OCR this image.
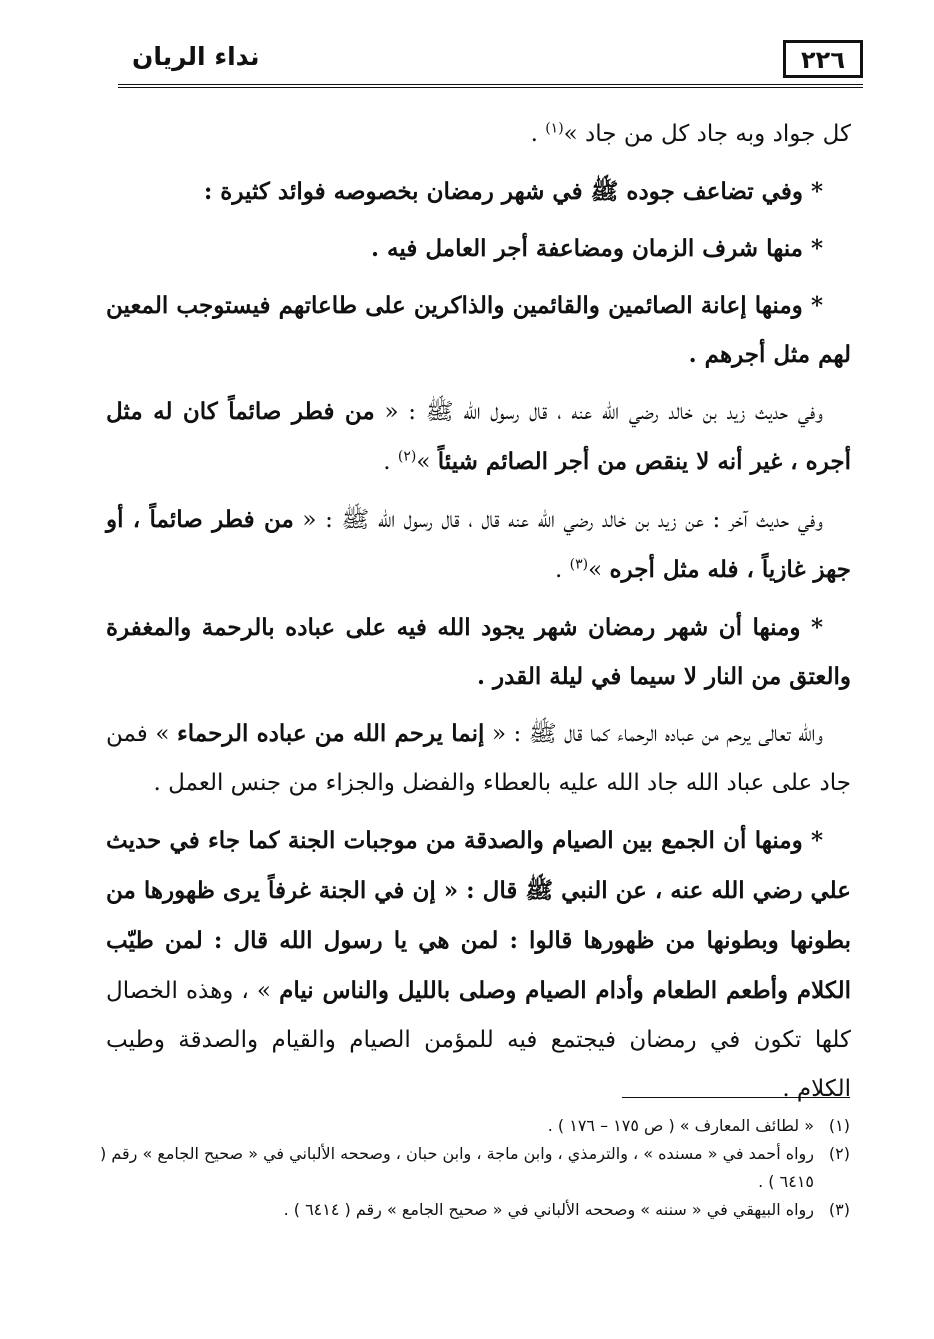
نداء الريان	٢٢٦

كل جواد وبه جاد كل من جاد »$^{(١)}$ .

* وفي تضاعف جوده ﷺ في شهر رمضان بخصوصه فوائد كثيرة :

* منها شرف الزمان ومضاعفة أجر العامل فيه .

* ومنها إعانة الصائمين والقائمين والذاكرين على طاعاتهم فيستوجب المعين لهم مثل أجرهم .

وفي حديث زيد بن خالد رضي الله عنه ، قال رسول الله ﷺ : « من فطر صائماً كان له مثل أجره ، غير أنه لا ينقص من أجر الصائم شيئاً »$^{(٢)}$ .

وفي حديث آخر : عن زيد بن خالد رضي الله عنه قال ، قال رسول الله ﷺ : « من فطر صائماً ، أو جهز غازياً ، فله مثل أجره »$^{(٣)}$ .

* ومنها أن شهر رمضان شهر يجود الله فيه على عباده بالرحمة والمغفرة والعتق من النار لا سيما في ليلة القدر .

والله تعالى يرحم من عباده الرحماء كما قال ﷺ : « إنما يرحم الله من عباده الرحماء » فمن جاد على عباد الله جاد الله عليه بالعطاء والفضل والجزاء من جنس العمل .

* ومنها أن الجمع بين الصيام والصدقة من موجبات الجنة كما جاء في حديث علي رضي الله عنه ، عن النبي ﷺ قال : « إن في الجنة غرفاً يرى ظهورها من بطونها وبطونها من ظهورها قالوا : لمن هي يا رسول الله قال : لمن طيّب الكلام وأطعم الطعام وأدام الصيام وصلى بالليل والناس نيام » ، وهذه الخصال كلها تكون في رمضان فيجتمع فيه للمؤمن الصيام والقيام والصدقة وطيب الكلام .

(١)« لطائف المعارف » ( ص ١٧٥ – ١٧٦ ) .

(٢)رواه أحمد في « مسنده » ، والترمذي ، وابن ماجة ، وابن حبان ، وصححه الألباني في « صحيح الجامع » رقم ( ٦٤١٥ ) .

(٣)رواه البيهقي في « سننه » وصححه الألباني في « صحيح الجامع » رقم ( ٦٤١٤ ) .
